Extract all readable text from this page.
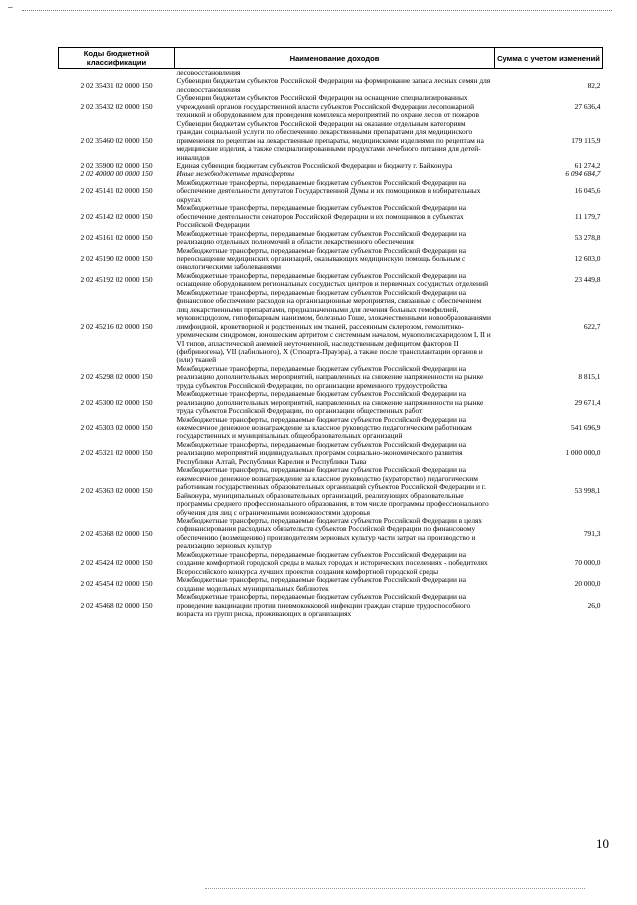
–
Коды бюджетной классификации	Наименование доходов	Сумма с учетом изменений
	лесовосстановления	
2 02 35431 02 0000 150	Субвенции бюджетам субъектов Российской Федерации на формирование запаса лесных семян для лесовосстановления	82,2
2 02 35432 02 0000 150	Субвенции бюджетам субъектов Российской Федерации на оснащение специализированных учреждений органов государственной власти субъектов Российской Федерации лесопожарной техникой и оборудованием для проведения комплекса мероприятий по охране лесов от пожаров	27 636,4
2 02 35460 02 0000 150	Субвенции бюджетам субъектов Российской Федерации на оказание отдельным категориям граждан социальной услуги по обеспечению лекарственными препаратами для медицинского применения по рецептам на лекарственные препараты, медицинскими изделиями по рецептам на медицинские изделия, а также специализированными продуктами лечебного питания для детей-инвалидов	179 115,9
2 02 35900 02 0000 150	Единая субвенция бюджетам субъектов Российской Федерации и бюджету г. Байконура	61 274,2
2 02 40000 00 0000 150	Иные межбюджетные трансферты	6 094 684,7
2 02 45141 02 0000 150	Межбюджетные трансферты, передаваемые бюджетам субъектов Российской Федерации на обеспечение деятельности депутатов Государственной Думы и их помощников в избирательных округах	16 045,6
2 02 45142 02 0000 150	Межбюджетные трансферты, передаваемые бюджетам субъектов Российской Федерации на обеспечение деятельности сенаторов Российской Федерации и их помощников в субъектах Российской Федерации	11 179,7
2 02 45161 02 0000 150	Межбюджетные трансферты, передаваемые бюджетам субъектов Российской Федерации на реализацию отдельных полномочий в области лекарственного обеспечения	53 278,8
2 02 45190 02 0000 150	Межбюджетные трансферты, передаваемые бюджетам субъектов Российской Федерации на переоснащение медицинских организаций, оказывающих медицинскую помощь больным с онкологическими заболеваниями	12 603,0
2 02 45192 02 0000 150	Межбюджетные трансферты, передаваемые бюджетам субъектов Российской Федерации на оснащение оборудованием региональных сосудистых центров и первичных сосудистых отделений	23 449,8
2 02 45216 02 0000 150	Межбюджетные трансферты, передаваемые бюджетам субъектов Российской Федерации на финансовое обеспечение расходов на организационные мероприятия, связанные с обеспечением лиц лекарственными препаратами, предназначенными для лечения больных гемофилией, муковисцидозом, гипофизарным нанизмом, болезнью Гоше, злокачественными новообразованиями лимфоидной, кроветворной и родственных им тканей, рассеянным склерозом, гемолитико-уремическим синдромом, юношеским артритом с системным началом, мукополисахаридозом I, II и VI типов, апластической анемией неуточненной, наследственным дефицитом факторов II (фибриногена), VII (лабильного), X (Стюарта-Прауэра), а также после трансплантации органов и (или) тканей	622,7
2 02 45298 02 0000 150	Межбюджетные трансферты, передаваемые бюджетам субъектов Российской Федерации на реализацию дополнительных мероприятий, направленных на снижение напряженности на рынке труда субъектов Российской Федерации, по организации временного трудоустройства	8 815,1
2 02 45300 02 0000 150	Межбюджетные трансферты, передаваемые бюджетам субъектов Российской Федерации на реализацию дополнительных мероприятий, направленных на снижение напряженности на рынке труда субъектов Российской Федерации, по организации общественных работ	29 671,4
2 02 45303 02 0000 150	Межбюджетные трансферты, передаваемые бюджетам субъектов Российской Федерации на ежемесячное денежное вознаграждение за классное руководство педагогическим работникам государственных и муниципальных общеобразовательных организаций	541 696,9
2 02 45321 02 0000 150	Межбюджетные трансферты, передаваемые бюджетам субъектов Российской Федерации на реализацию мероприятий индивидуальных программ социально-экономического развития Республики Алтай, Республики Карелия и Республики Тыва	1 000 000,0
2 02 45363 02 0000 150	Межбюджетные трансферты, передаваемые бюджетам субъектов Российской Федерации на ежемесячное денежное вознаграждение за классное руководство (кураторство) педагогическим работникам государственных образовательных организаций субъектов Российской Федерации и г. Байконура, муниципальных образовательных организаций, реализующих образовательные программы среднего профессионального образования, в том числе программы профессионального обучения для лиц с ограниченными возможностями здоровья	53 998,1
2 02 45368 02 0000 150	Межбюджетные трансферты, передаваемые бюджетам субъектов Российской Федерации в целях софинансирования расходных обязательств субъектов Российской Федерации по финансовому обеспечению (возмещению) производителям зерновых культур части затрат на производство и реализацию зерновых культур	791,3
2 02 45424 02 0000 150	Межбюджетные трансферты, передаваемые бюджетам субъектов Российской Федерации на создание комфортной городской среды в малых городах и исторических поселениях - победителях Всероссийского конкурса лучших проектов создания комфортной городской среды	70 000,0
2 02 45454 02 0000 150	Межбюджетные трансферты, передаваемые бюджетам субъектов Российской Федерации на создание модельных муниципальных библиотек	20 000,0
2 02 45468 02 0000 150	Межбюджетные трансферты, передаваемые бюджетам субъектов Российской Федерации на проведение вакцинации против пневмококковой инфекции граждан старше трудоспособного возраста из групп риска, проживающих в организациях	26,0
10
